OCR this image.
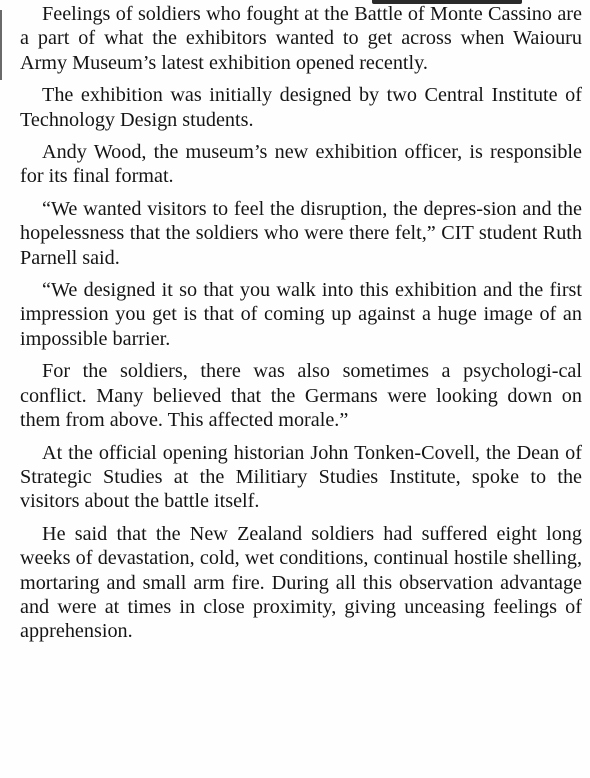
Feelings of soldiers who fought at the Battle of Monte Cassino are a part of what the exhibitors wanted to get across when Waiouru Army Museum’s latest exhibition opened recently.

The exhibition was initially designed by two Central Institute of Technology Design students.

Andy Wood, the museum’s new exhibition officer, is responsible for its final format.

“We wanted visitors to feel the disruption, the depres-sion and the hopelessness that the soldiers who were there felt,” CIT student Ruth Parnell said.

“We designed it so that you walk into this exhibition and the first impression you get is that of coming up against a huge image of an impossible barrier.

For the soldiers, there was also sometimes a psychologi-cal conflict. Many believed that the Germans were looking down on them from above. This affected morale.”

At the official opening historian John Tonken-Covell, the Dean of Strategic Studies at the Militiary Studies Institute, spoke to the visitors about the battle itself.

He said that the New Zealand soldiers had suffered eight long weeks of devastation, cold, wet conditions, continual hostile shelling, mortaring and small arm fire. During all this observation advantage and were at times in close proximity, giving unceasing feelings of apprehension.
